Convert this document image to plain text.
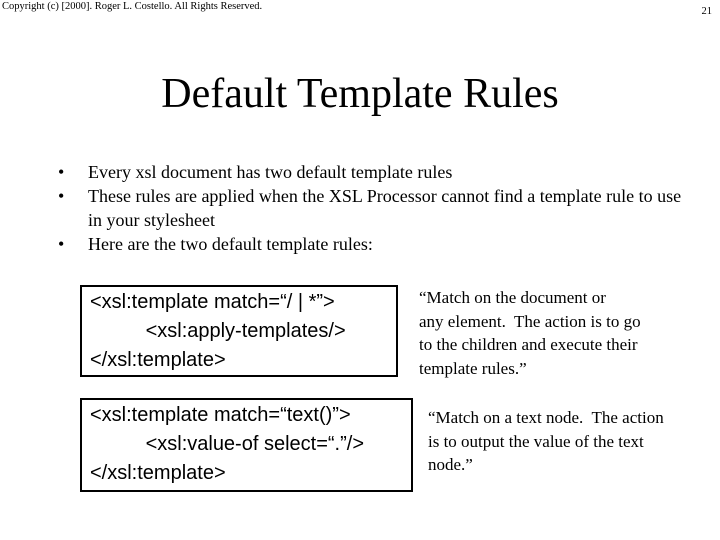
Copyright (c) [2000]. Roger L. Costello. All Rights Reserved.	21
Default Template Rules
• Every xsl document has two default template rules
• These rules are applied when the XSL Processor cannot find a template rule to use in your stylesheet
• Here are the two default template rules:
<xsl:template match=“/ | *”>
<xsl:apply-templates/>
</xsl:template>
“Match on the document or
any element.  The action is to go
to the children and execute their
template rules.”
<xsl:template match=“text()”>
<xsl:value-of select=“.”/>
</xsl:template>
“Match on a text node.  The action
is to output the value of the text
node.”
